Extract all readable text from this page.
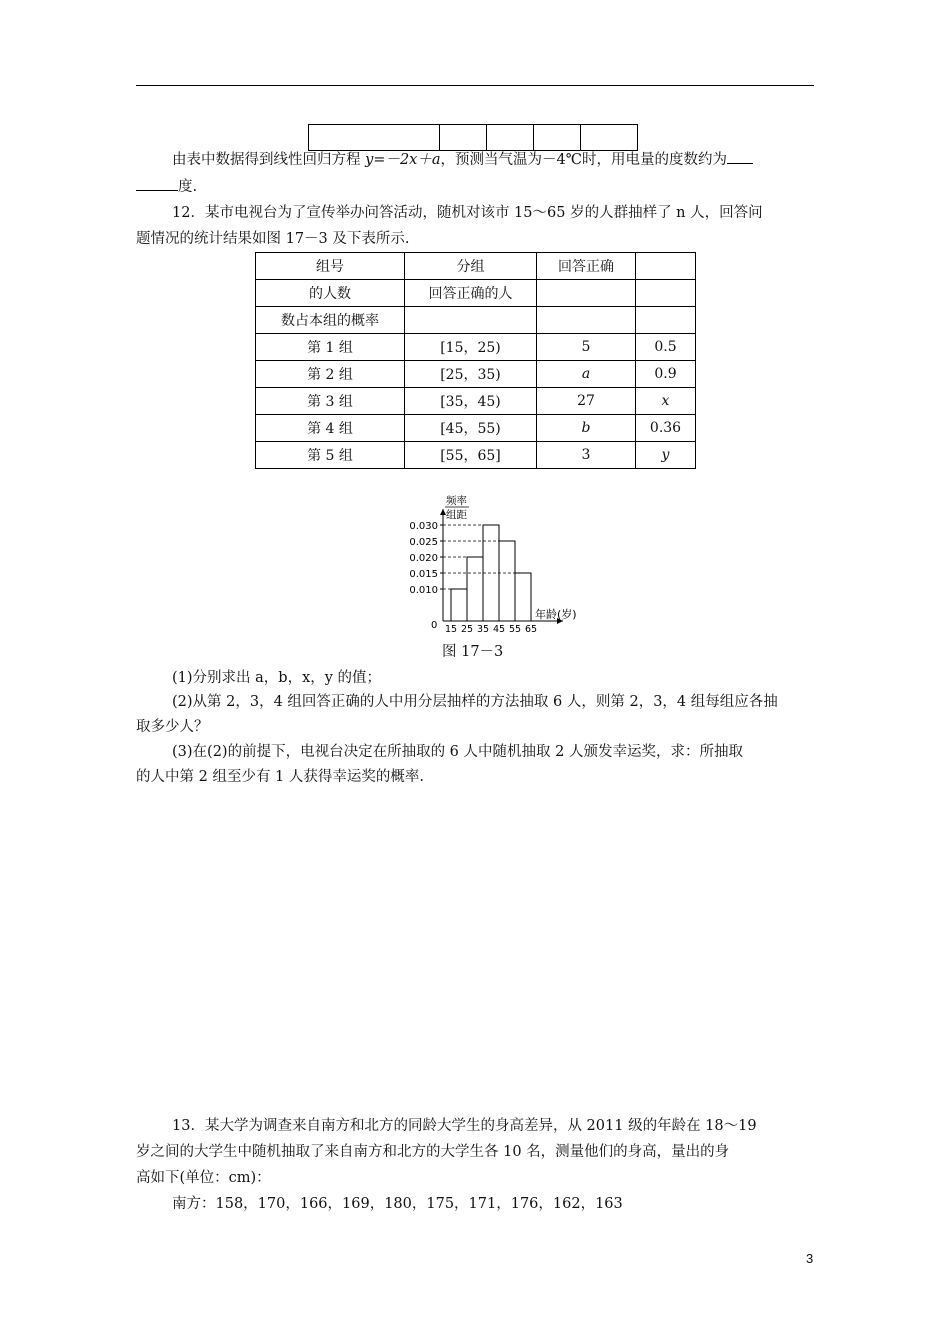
由表中数据得到线性回归方程 y=－2x＋a，预测当气温为－4℃时，用电量的度数约为
度.
12．某市电视台为了宣传举办问答活动，随机对该市 15～65 岁的人群抽样了 n 人，回答问
题情况的统计结果如图 17－3 及下表所示.
组号	分组	回答正确	
的人数	回答正确的人		
数占本组的概率			
第 1 组	[15，25)	5	0.5
第 2 组	[25，35)	a	0.9
第 3 组	[35，45)	27	x
第 4 组	[45，55)	b	0.36
第 5 组	[55，65]	3	y
0.030
0.025
0.020
0.015
0.010
15 25 35 45 55 65
0
年龄(岁)
频率
组距
图 17－3
(1)分别求出 a，b，x，y 的值；
(2)从第 2，3，4 组回答正确的人中用分层抽样的方法抽取 6 人，则第 2，3，4 组每组应各抽
取多少人？
(3)在(2)的前提下，电视台决定在所抽取的 6 人中随机抽取 2 人颁发幸运奖，求：所抽取
的人中第 2 组至少有 1 人获得幸运奖的概率.
13．某大学为调查来自南方和北方的同龄大学生的身高差异，从 2011 级的年龄在 18～19
岁之间的大学生中随机抽取了来自南方和北方的大学生各 10 名，测量他们的身高，量出的身
高如下(单位：cm)：
南方：158，170，166，169，180，175，171，176，162，163
3
